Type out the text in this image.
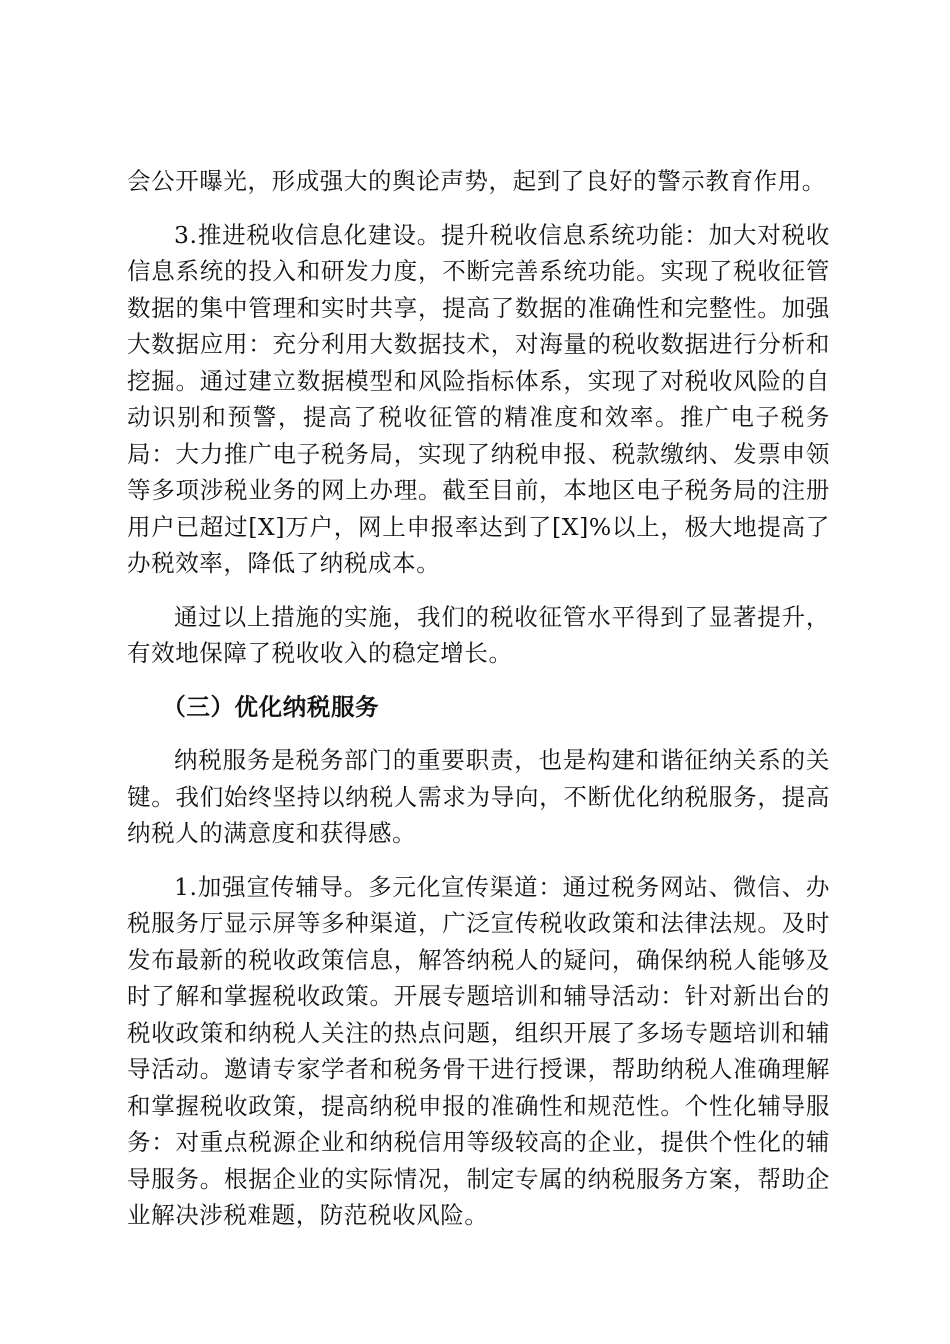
会公开曝光，形成强大的舆论声势，起到了良好的警示教育作用。

3.推进税收信息化建设。提升税收信息系统功能：加大对税收信息系统的投入和研发力度，不断完善系统功能。实现了税收征管数据的集中管理和实时共享，提高了数据的准确性和完整性。加强大数据应用：充分利用大数据技术，对海量的税收数据进行分析和挖掘。通过建立数据模型和风险指标体系，实现了对税收风险的自动识别和预警，提高了税收征管的精准度和效率。推广电子税务局：大力推广电子税务局，实现了纳税申报、税款缴纳、发票申领等多项涉税业务的网上办理。截至目前，本地区电子税务局的注册用户已超过[X]万户，网上申报率达到了[X]%以上，极大地提高了办税效率，降低了纳税成本。

通过以上措施的实施，我们的税收征管水平得到了显著提升，有效地保障了税收收入的稳定增长。

（三）优化纳税服务

纳税服务是税务部门的重要职责，也是构建和谐征纳关系的关键。我们始终坚持以纳税人需求为导向，不断优化纳税服务，提高纳税人的满意度和获得感。

1.加强宣传辅导。多元化宣传渠道：通过税务网站、微信、办税服务厅显示屏等多种渠道，广泛宣传税收政策和法律法规。及时发布最新的税收政策信息，解答纳税人的疑问，确保纳税人能够及时了解和掌握税收政策。开展专题培训和辅导活动：针对新出台的税收政策和纳税人关注的热点问题，组织开展了多场专题培训和辅导活动。邀请专家学者和税务骨干进行授课，帮助纳税人准确理解和掌握税收政策，提高纳税申报的准确性和规范性。个性化辅导服务：对重点税源企业和纳税信用等级较高的企业，提供个性化的辅导服务。根据企业的实际情况，制定专属的纳税服务方案，帮助企业解决涉税难题，防范税收风险。
